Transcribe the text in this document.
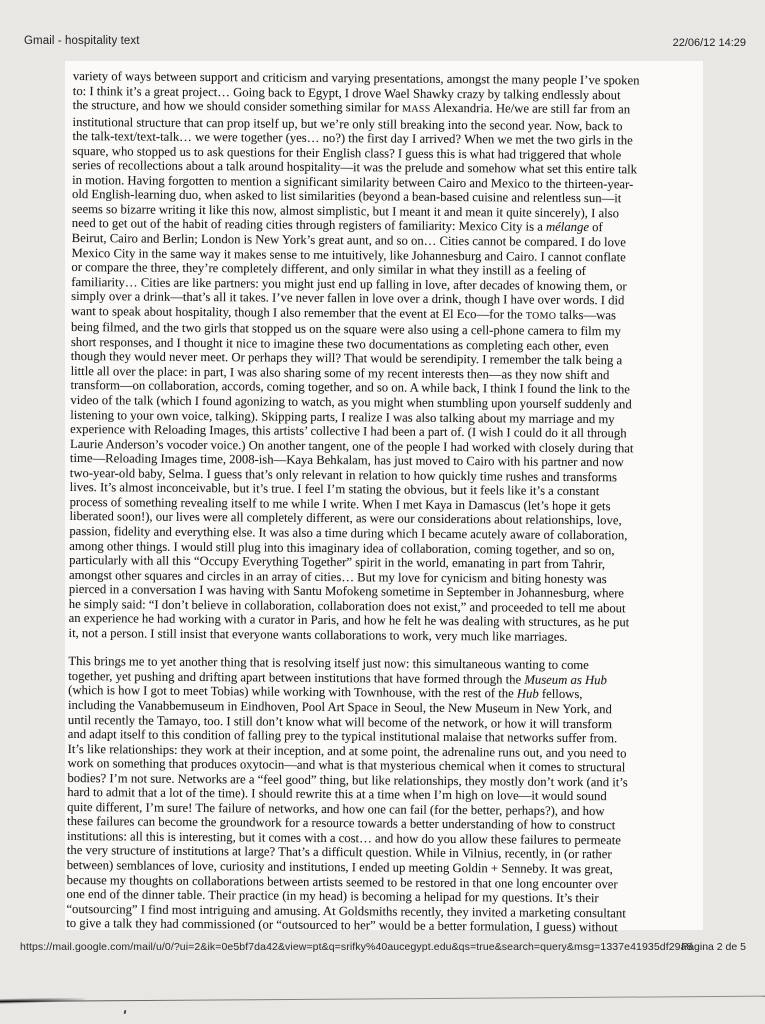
Gmail - hospitality text	22/06/12 14:29
variety of ways between support and criticism and varying presentations, amongst the many people I’ve spoken
to: I think it’s a great project… Going back to Egypt, I drove Wael Shawky crazy by talking endlessly about
the structure, and how we should consider something similar for MASS Alexandria. He/we are still far from an
institutional structure that can prop itself up, but we’re only still breaking into the second year. Now, back to
the talk-text/text-talk… we were together (yes… no?) the first day I arrived? When we met the two girls in the
square, who stopped us to ask questions for their English class? I guess this is what had triggered that whole
series of recollections about a talk around hospitality—it was the prelude and somehow what set this entire talk
in motion. Having forgotten to mention a significant similarity between Cairo and Mexico to the thirteen-year-
old English-learning duo, when asked to list similarities (beyond a bean-based cuisine and relentless sun—it
seems so bizarre writing it like this now, almost simplistic, but I meant it and mean it quite sincerely), I also
need to get out of the habit of reading cities through registers of familiarity: Mexico City is a mélange of
Beirut, Cairo and Berlin; London is New York’s great aunt, and so on… Cities cannot be compared. I do love
Mexico City in the same way it makes sense to me intuitively, like Johannesburg and Cairo. I cannot conflate
or compare the three, they’re completely different, and only similar in what they instill as a feeling of
familiarity… Cities are like partners: you might just end up falling in love, after decades of knowing them, or
simply over a drink—that’s all it takes. I’ve never fallen in love over a drink, though I have over words. I did
want to speak about hospitality, though I also remember that the event at El Eco—for the TOMO talks—was
being filmed, and the two girls that stopped us on the square were also using a cell-phone camera to film my
short responses, and I thought it nice to imagine these two documentations as completing each other, even
though they would never meet. Or perhaps they will? That would be serendipity. I remember the talk being a
little all over the place: in part, I was also sharing some of my recent interests then—as they now shift and
transform—on collaboration, accords, coming together, and so on. A while back, I think I found the link to the
video of the talk (which I found agonizing to watch, as you might when stumbling upon yourself suddenly and
listening to your own voice, talking). Skipping parts, I realize I was also talking about my marriage and my
experience with Reloading Images, this artists’ collective I had been a part of. (I wish I could do it all through
Laurie Anderson’s vocoder voice.) On another tangent, one of the people I had worked with closely during that
time—Reloading Images time, 2008-ish—Kaya Behkalam, has just moved to Cairo with his partner and now
two-year-old baby, Selma. I guess that’s only relevant in relation to how quickly time rushes and transforms
lives. It’s almost inconceivable, but it’s true. I feel I’m stating the obvious, but it feels like it’s a constant
process of something revealing itself to me while I write. When I met Kaya in Damascus (let’s hope it gets
liberated soon!), our lives were all completely different, as were our considerations about relationships, love,
passion, fidelity and everything else. It was also a time during which I became acutely aware of collaboration,
among other things. I would still plug into this imaginary idea of collaboration, coming together, and so on,
particularly with all this “Occupy Everything Together” spirit in the world, emanating in part from Tahrir,
amongst other squares and circles in an array of cities… But my love for cynicism and biting honesty was
pierced in a conversation I was having with Santu Mofokeng sometime in September in Johannesburg, where
he simply said: “I don’t believe in collaboration, collaboration does not exist,” and proceeded to tell me about
an experience he had working with a curator in Paris, and how he felt he was dealing with structures, as he put
it, not a person. I still insist that everyone wants collaborations to work, very much like marriages.
This brings me to yet another thing that is resolving itself just now: this simultaneous wanting to come
together, yet pushing and drifting apart between institutions that have formed through the Museum as Hub
(which is how I got to meet Tobias) while working with Townhouse, with the rest of the Hub fellows,
including the Vanabbemuseum in Eindhoven, Pool Art Space in Seoul, the New Museum in New York, and
until recently the Tamayo, too. I still don’t know what will become of the network, or how it will transform
and adapt itself to this condition of falling prey to the typical institutional malaise that networks suffer from.
It’s like relationships: they work at their inception, and at some point, the adrenaline runs out, and you need to
work on something that produces oxytocin—and what is that mysterious chemical when it comes to structural
bodies? I’m not sure. Networks are a “feel good” thing, but like relationships, they mostly don’t work (and it’s
hard to admit that a lot of the time). I should rewrite this at a time when I’m high on love—it would sound
quite different, I’m sure! The failure of networks, and how one can fail (for the better, perhaps?), and how
these failures can become the groundwork for a resource towards a better understanding of how to construct
institutions: all this is interesting, but it comes with a cost… and how do you allow these failures to permeate
the very structure of institutions at large? That’s a difficult question. While in Vilnius, recently, in (or rather
between) semblances of love, curiosity and institutions, I ended up meeting Goldin + Senneby. It was great,
because my thoughts on collaborations between artists seemed to be restored in that one long encounter over
one end of the dinner table. Their practice (in my head) is becoming a helipad for my questions. It’s their
“outsourcing” I find most intriguing and amusing. At Goldsmiths recently, they invited a marketing consultant
to give a talk they had commissioned (or “outsourced to her” would be a better formulation, I guess) without
https://mail.google.com/mail/u/0/?ui=2&ik=0e5bf7da42&view=pt&q=srifky%40aucegypt.edu&qs=true&search=query&msg=1337e41935df29a8
Página 2 de 5
